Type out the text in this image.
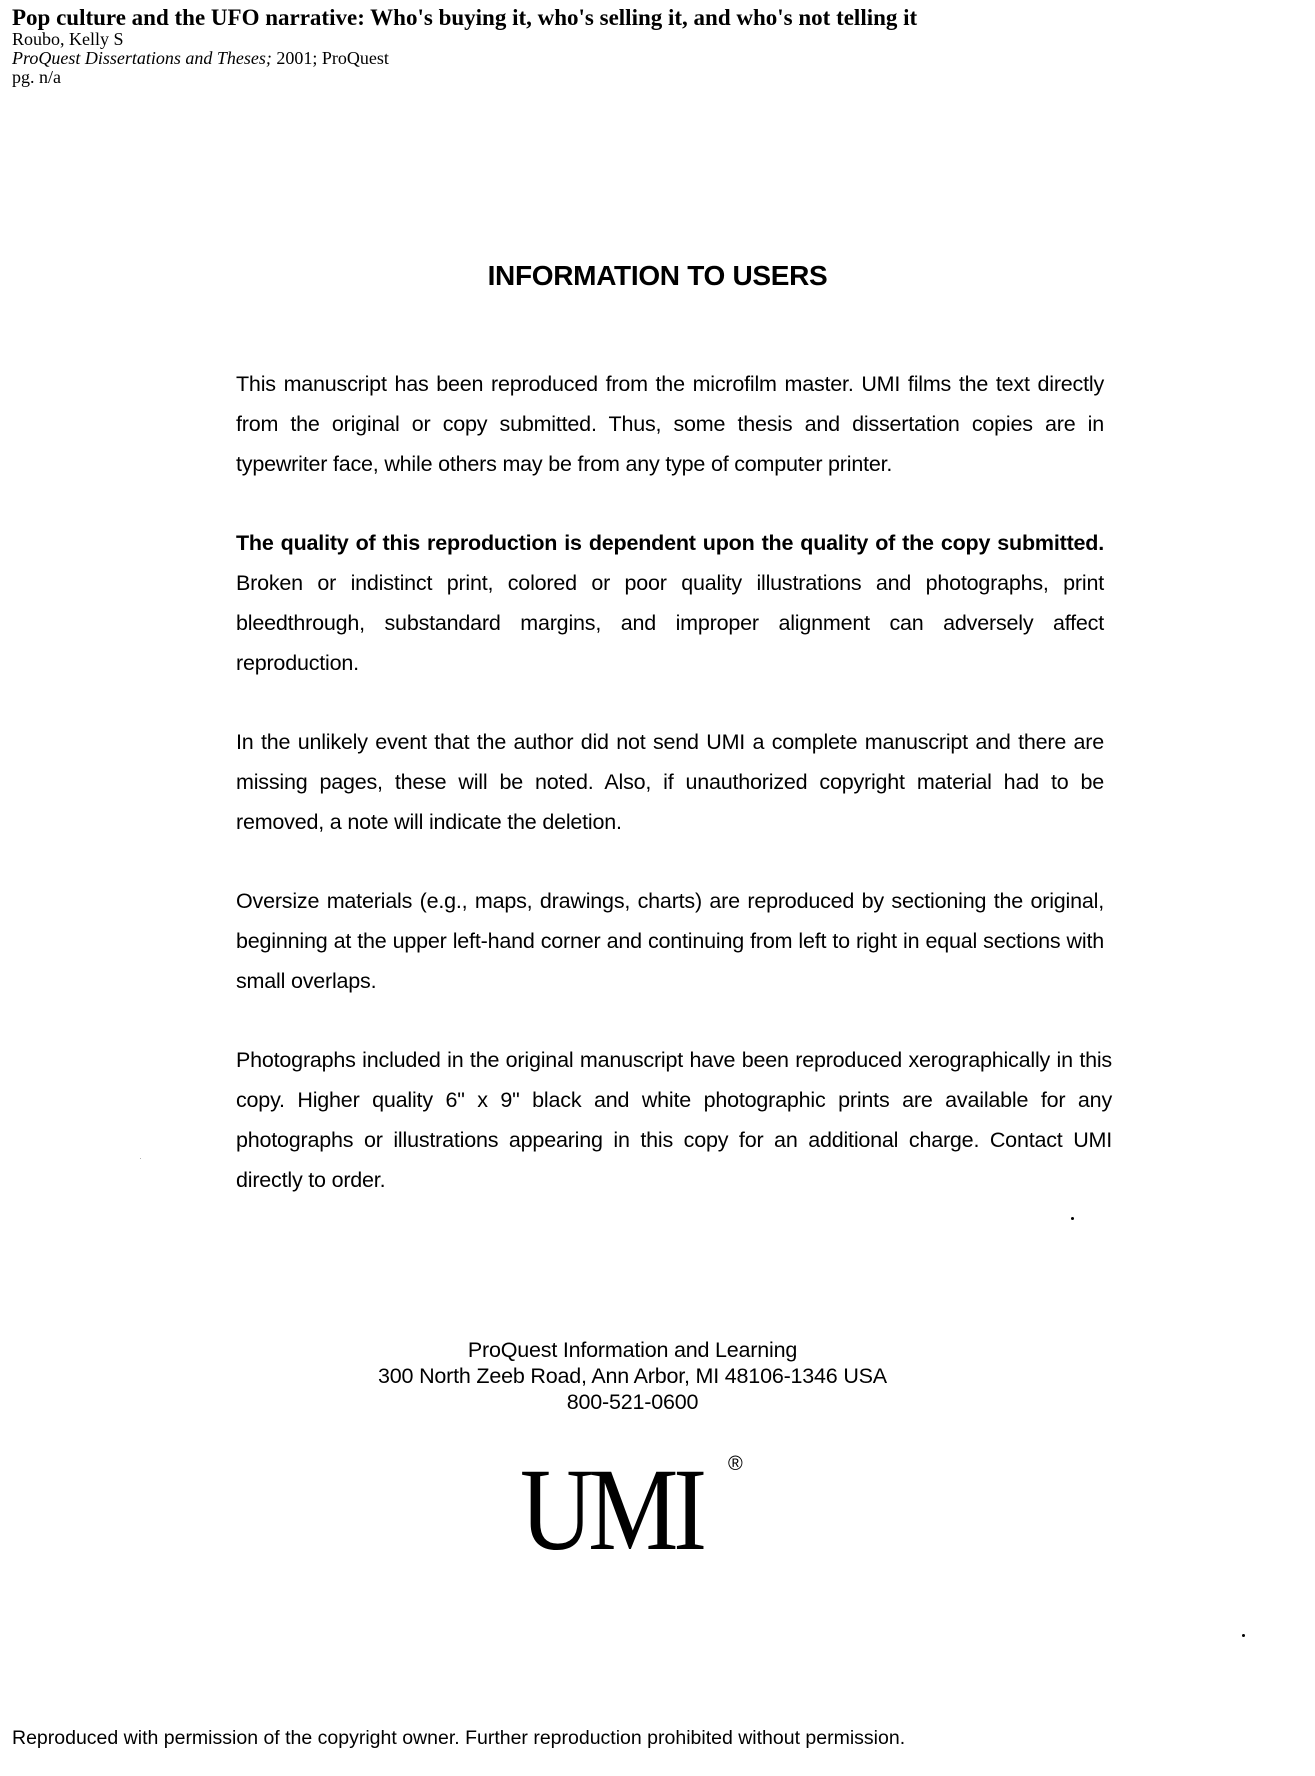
Pop culture and the UFO narrative: Who's buying it, who's selling it, and who's not telling it
Roubo, Kelly S
ProQuest Dissertations and Theses; 2001; ProQuest
pg. n/a
INFORMATION TO USERS

This manuscript has been reproduced from the microfilm master. UMI films the text directly from the original or copy submitted. Thus, some thesis and dissertation copies are in typewriter face, while others may be from any type of computer printer.

The quality of this reproduction is dependent upon the quality of the copy submitted. Broken or indistinct print, colored or poor quality illustrations and photographs, print bleedthrough, substandard margins, and improper alignment can adversely affect reproduction.

In the unlikely event that the author did not send UMI a complete manuscript and there are missing pages, these will be noted. Also, if unauthorized copyright material had to be removed, a note will indicate the deletion.

Oversize materials (e.g., maps, drawings, charts) are reproduced by sectioning the original, beginning at the upper left-hand corner and continuing from left to right in equal sections with small overlaps.

Photographs included in the original manuscript have been reproduced xerographically in this copy. Higher quality 6" x 9" black and white photographic prints are available for any photographs or illustrations appearing in this copy for an additional charge. Contact UMI directly to order.

ProQuest Information and Learning
300 North Zeeb Road, Ann Arbor, MI 48106-1346 USA
800-521-0600
UMI ®
Reproduced with permission of the copyright owner. Further reproduction prohibited without permission.
